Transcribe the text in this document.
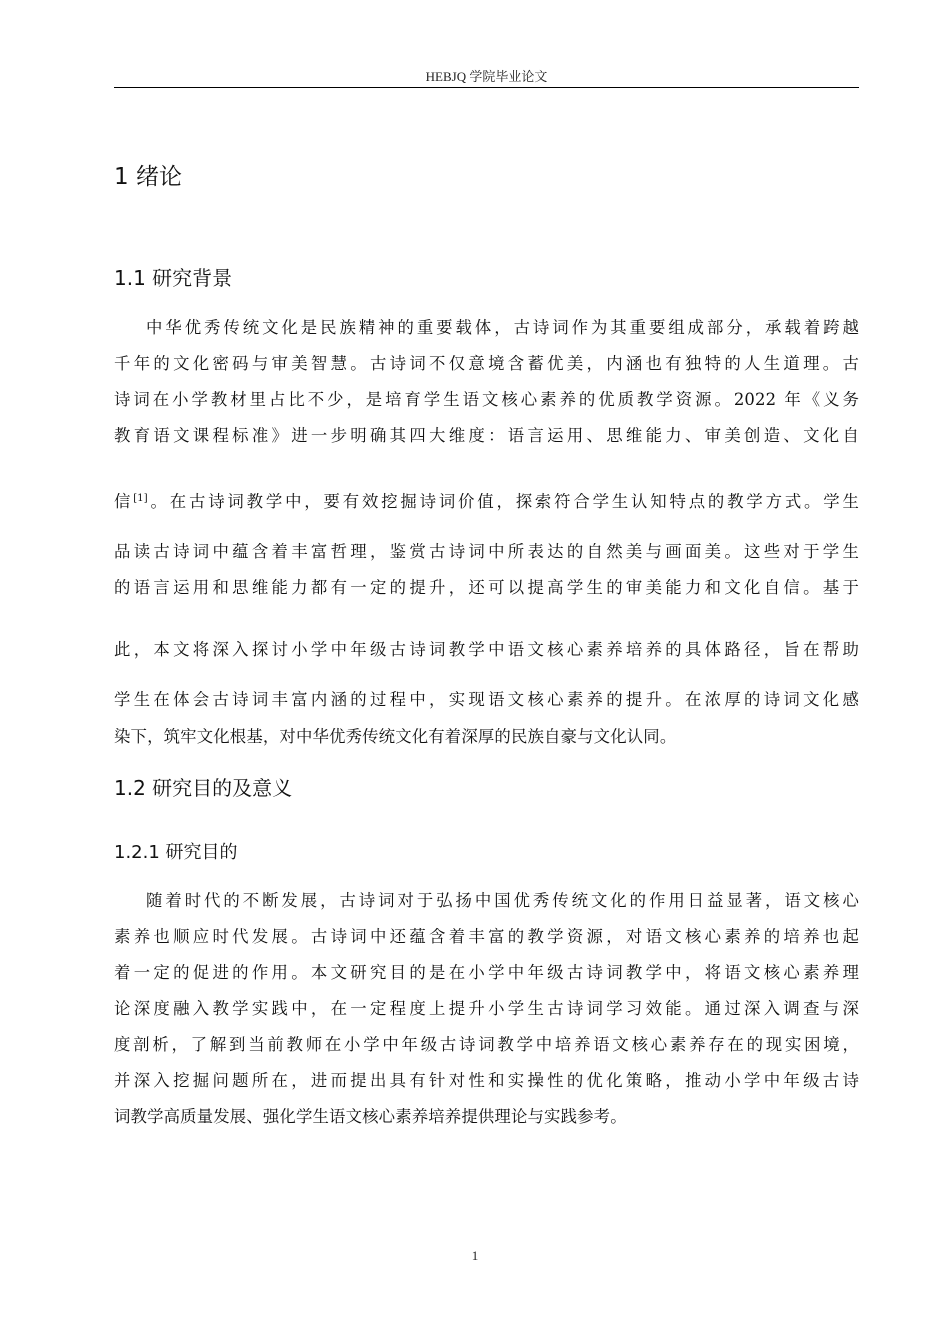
HEBJQ 学院毕业论文
1 绪论
1.1 研究背景
中华优秀传统文化是民族精神的重要载体，古诗词作为其重要组成部分，承载着跨越
千年的文化密码与审美智慧。古诗词不仅意境含蓄优美，内涵也有独特的人生道理。古
诗词在小学教材里占比不少，是培育学生语文核心素养的优质教学资源。2022 年《义务
教育语文课程标准》进一步明确其四大维度：语言运用、思维能力、审美创造、文化自
信[1]。在古诗词教学中，要有效挖掘诗词价值，探索符合学生认知特点的教学方式。学生
品读古诗词中蕴含着丰富哲理，鉴赏古诗词中所表达的自然美与画面美。这些对于学生
的语言运用和思维能力都有一定的提升，还可以提高学生的审美能力和文化自信。基于
此，本文将深入探讨小学中年级古诗词教学中语文核心素养培养的具体路径，旨在帮助
学生在体会古诗词丰富内涵的过程中，实现语文核心素养的提升。在浓厚的诗词文化感
染下，筑牢文化根基，对中华优秀传统文化有着深厚的民族自豪与文化认同。
1.2 研究目的及意义
1.2.1 研究目的
随着时代的不断发展，古诗词对于弘扬中国优秀传统文化的作用日益显著，语文核心
素养也顺应时代发展。古诗词中还蕴含着丰富的教学资源，对语文核心素养的培养也起
着一定的促进的作用。本文研究目的是在小学中年级古诗词教学中，将语文核心素养理
论深度融入教学实践中，在一定程度上提升小学生古诗词学习效能。通过深入调查与深
度剖析，了解到当前教师在小学中年级古诗词教学中培养语文核心素养存在的现实困境，
并深入挖掘问题所在，进而提出具有针对性和实操性的优化策略，推动小学中年级古诗
词教学高质量发展、强化学生语文核心素养培养提供理论与实践参考。
1
